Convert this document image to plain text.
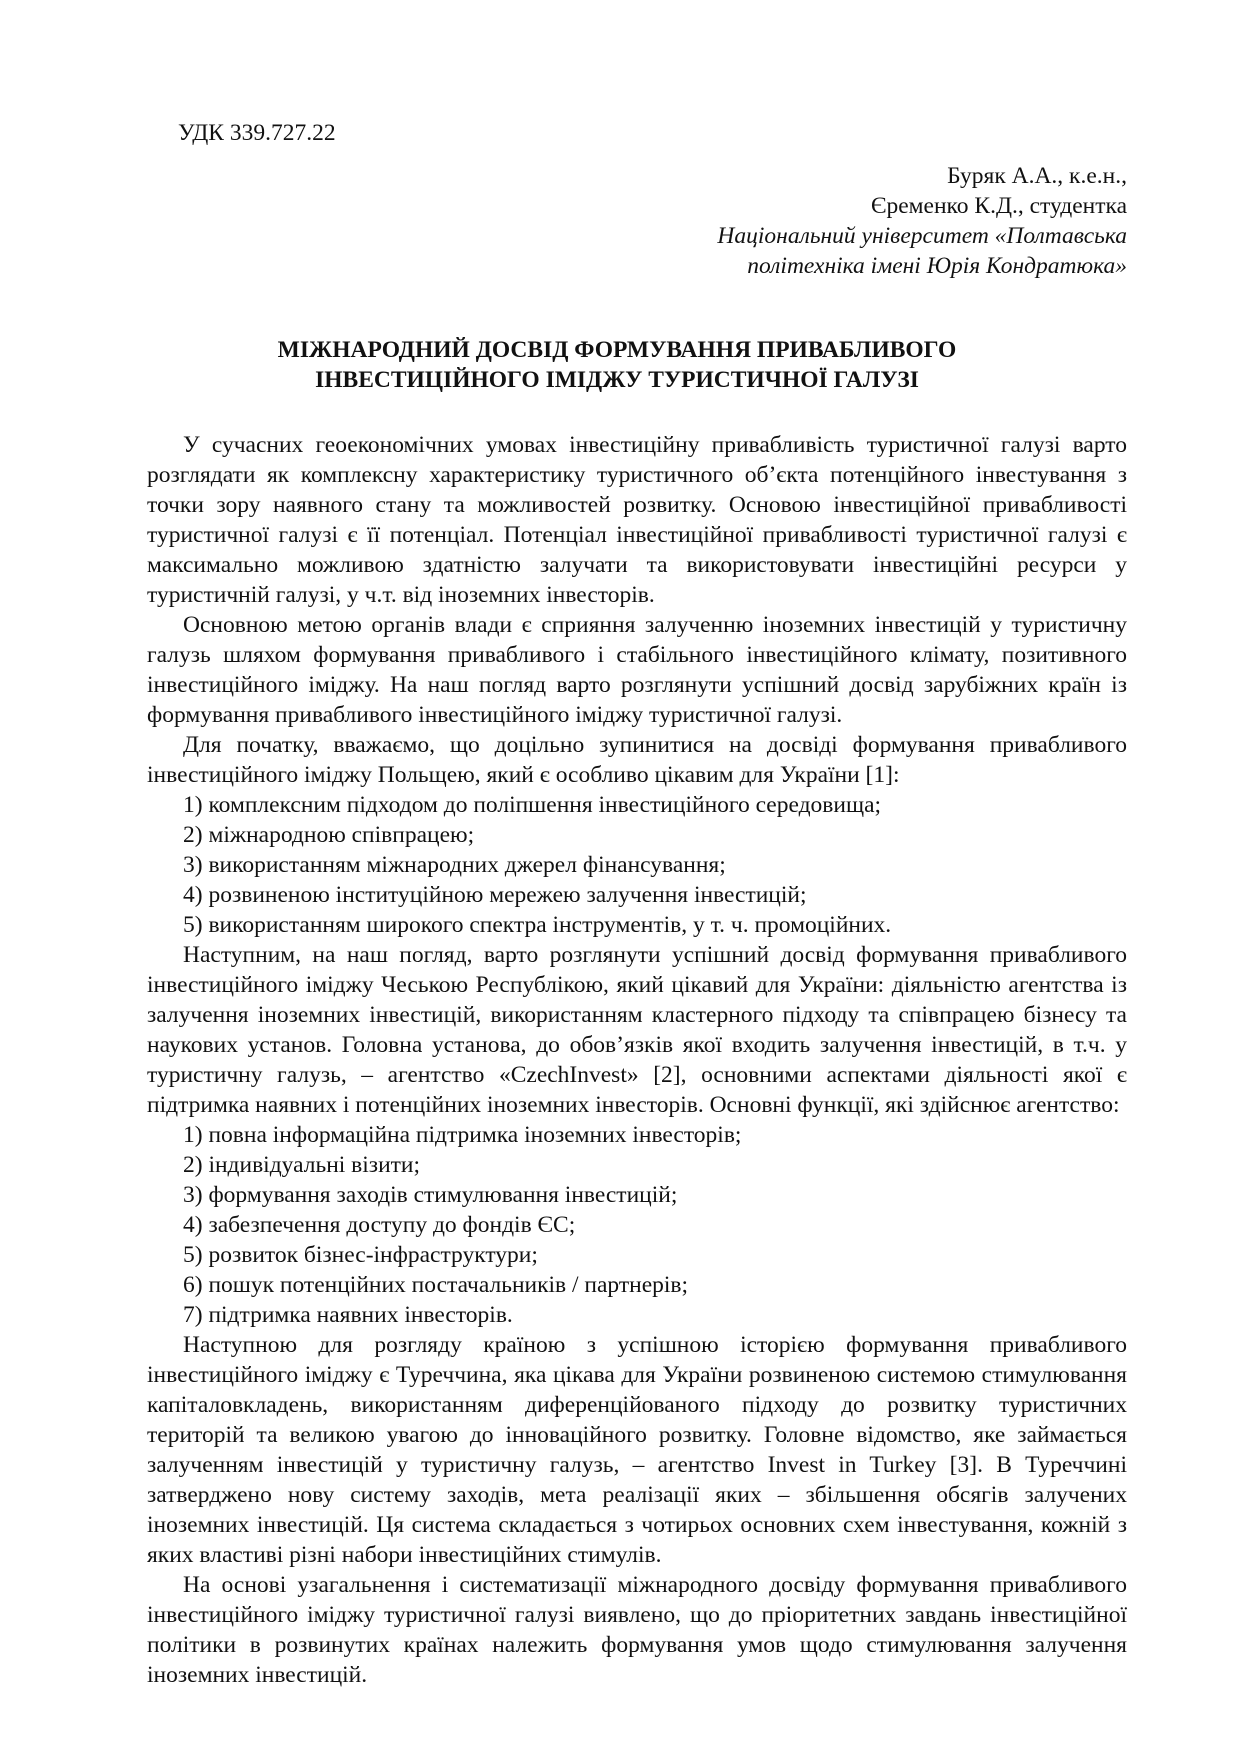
УДК 339.727.22

Буряк А.А., к.е.н.,

Єременко К.Д., студентка

Національний університет «Полтавська

політехніка імені Юрія Кондратюка»

МІЖНАРОДНИЙ ДОСВІД ФОРМУВАННЯ ПРИВАБЛИВОГО

ІНВЕСТИЦІЙНОГО ІМІДЖУ ТУРИСТИЧНОЇ ГАЛУЗІ

У сучасних геоекономічних умовах інвестиційну привабливість туристичної галузі варто розглядати як комплексну характеристику туристичного об’єкта потенційного інвестування з точки зору наявного стану та можливостей розвитку. Основою інвестиційної привабливості туристичної галузі є її потенціал. Потенціал інвестиційної привабливості туристичної галузі є максимально можливою здатністю залучати та використовувати інвестиційні ресурси у туристичній галузі, у ч.т. від іноземних інвесторів.

Основною метою органів влади є сприяння залученню іноземних інвестицій у туристичну галузь шляхом формування привабливого і стабільного інвестиційного клімату, позитивного інвестиційного іміджу. На наш погляд варто розглянути успішний досвід зарубіжних країн із формування привабливого інвестиційного іміджу туристичної галузі.

Для початку, вважаємо, що доцільно зупинитися на досвіді формування привабливого інвестиційного іміджу Польщею, який є особливо цікавим для України [1]:

1) комплексним підходом до поліпшення інвестиційного середовища;
2) міжнародною співпрацею;
3) використанням міжнародних джерел фінансування;
4) розвиненою інституційною мережею залучення інвестицій;
5) використанням широкого спектра інструментів, у т. ч. промоційних.

Наступним, на наш погляд, варто розглянути успішний досвід формування привабливого інвестиційного іміджу Чеською Республікою, який цікавий для України: діяльністю агентства із залучення іноземних інвестицій, використанням кластерного підходу та співпрацею бізнесу та наукових установ. Головна установа, до обов’язків якої входить залучення інвестицій, в т.ч. у туристичну галузь, – агентство «CzechInvest» [2], основними аспектами діяльності якої є підтримка наявних і потенційних іноземних інвесторів. Основні функції, які здійснює агентство:

1) повна інформаційна підтримка іноземних інвесторів;
2) індивідуальні візити;
3) формування заходів стимулювання інвестицій;
4) забезпечення доступу до фондів ЄС;
5) розвиток бізнес-інфраструктури;
6) пошук потенційних постачальників / партнерів;
7) підтримка наявних інвесторів.

Наступною для розгляду країною з успішною історією формування привабливого інвестиційного іміджу є Туреччина, яка цікава для України розвиненою системою стимулювання капіталовкладень, використанням диференційованого підходу до розвитку туристичних територій та великою увагою до інноваційного розвитку. Головне відомство, яке займається залученням інвестицій у туристичну галузь, – агентство Invest in Turkey [3]. В Туреччині затверджено нову систему заходів, мета реалізації яких – збільшення обсягів залучених іноземних інвестицій. Ця система складається з чотирьох основних схем інвестування, кожній з яких властиві різні набори інвестиційних стимулів.

На основі узагальнення і систематизації міжнародного досвіду формування привабливого інвестиційного іміджу туристичної галузі виявлено, що до пріоритетних завдань інвестиційної політики в розвинутих країнах належить формування умов щодо стимулювання залучення іноземних інвестицій.
